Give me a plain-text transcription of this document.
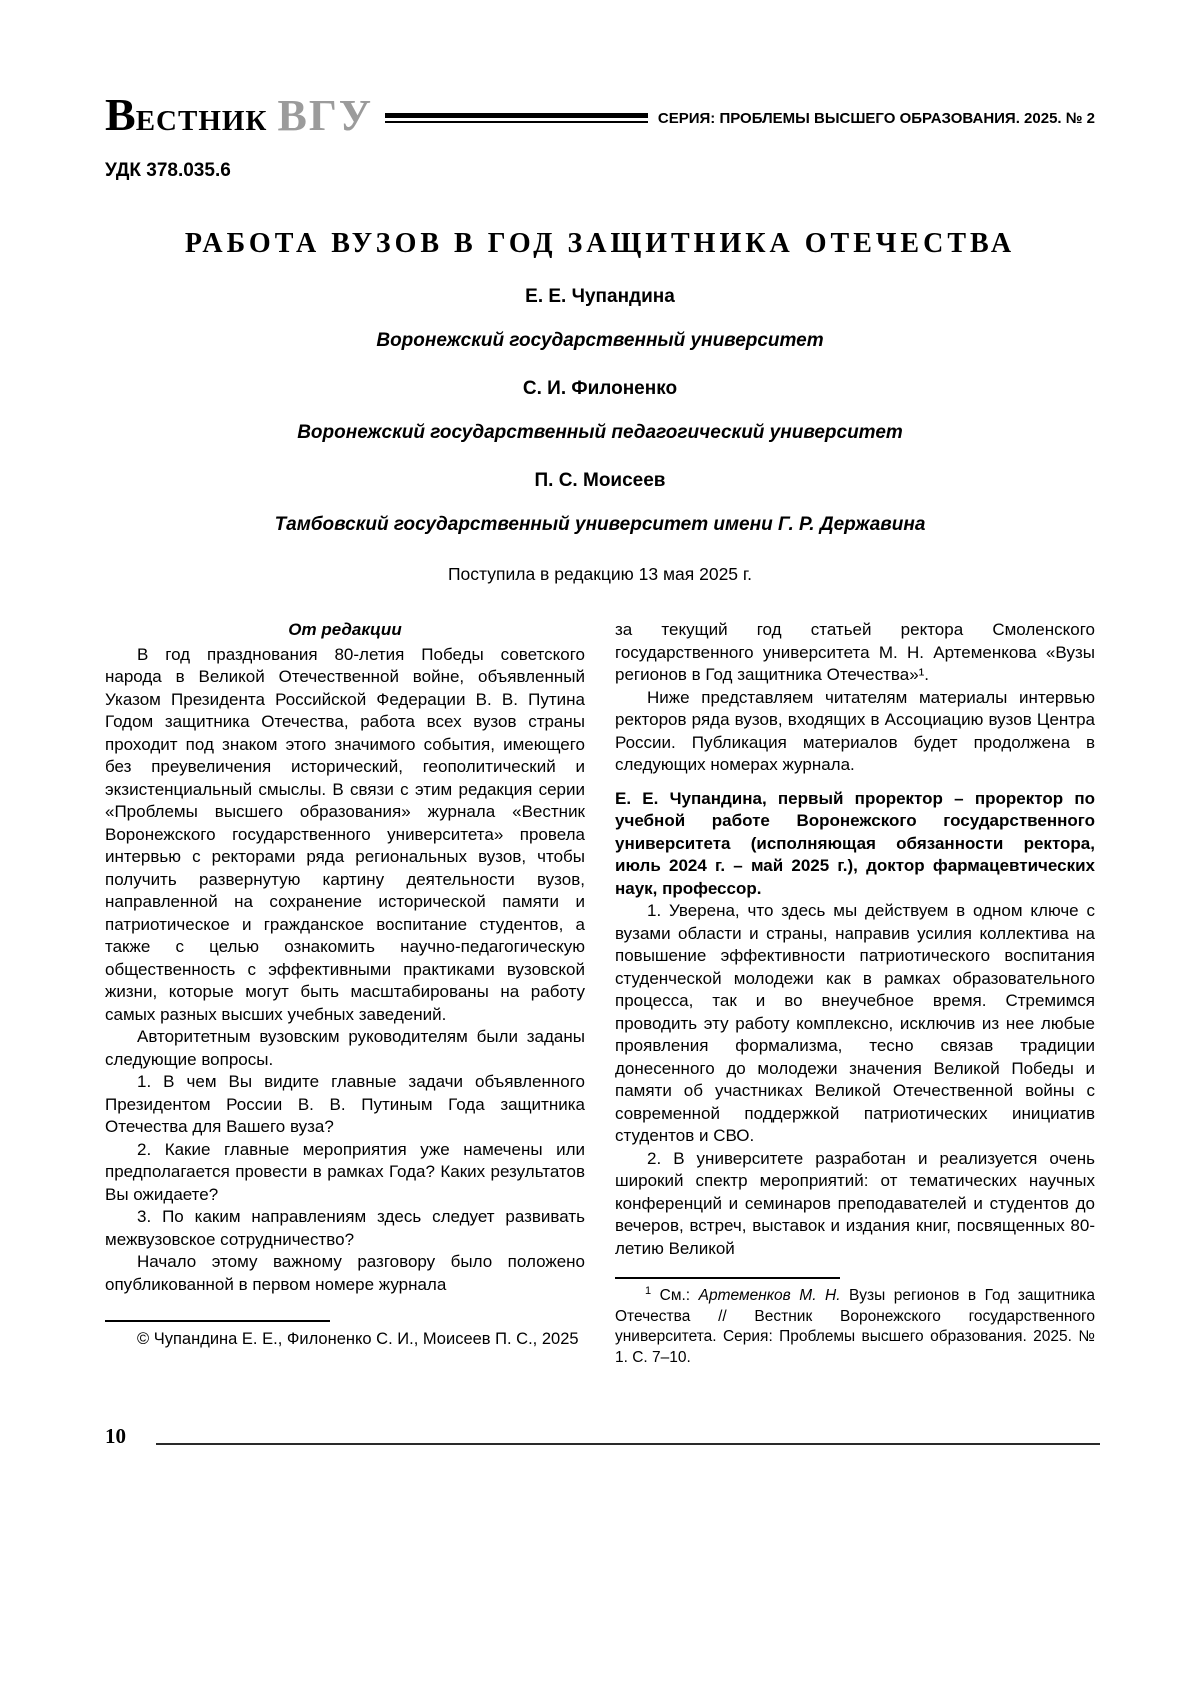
ВЕСТНИК ВГУ	СЕРИЯ: ПРОБЛЕМЫ ВЫСШЕГО ОБРАЗОВАНИЯ. 2025. № 2
УДК 378.035.6
РАБОТА ВУЗОВ В ГОД ЗАЩИТНИКА ОТЕЧЕСТВА
Е. Е. Чупандина
Воронежский государственный университет
С. И. Филоненко
Воронежский государственный педагогический университет
П. С. Моисеев
Тамбовский государственный университет имени Г. Р. Державина
Поступила в редакцию 13 мая 2025 г.
От редакции

В год празднования 80-летия Победы советского народа в Великой Отечественной войне, объявленный Указом Президента Российской Федерации В. В. Путина Годом защитника Отечества, работа всех вузов страны проходит под знаком этого значимого события, имеющего без преувеличения исторический, геополитический и экзистенциальный смыслы. В связи с этим редакция серии «Проблемы высшего образования» журнала «Вестник Воронежского государственного университета» провела интервью с ректорами ряда региональных вузов, чтобы получить развернутую картину деятельности вузов, направленной на сохранение исторической памяти и патриотическое и гражданское воспитание студентов, а также с целью ознакомить научно-педагогическую общественность с эффективными практиками вузовской жизни, которые могут быть масштабированы на работу самых разных высших учебных заведений.

Авторитетным вузовским руководителям были заданы следующие вопросы.

1. В чем Вы видите главные задачи объявленного Президентом России В. В. Путиным Года защитника Отечества для Вашего вуза?

2. Какие главные мероприятия уже намечены или предполагается провести в рамках Года? Каких результатов Вы ожидаете?

3. По каким направлениям здесь следует развивать межвузовское сотрудничество?

Начало этому важному разговору было положено опубликованной в первом номере журнала

© Чупандина Е. Е., Филоненко С. И., Моисеев П. С., 2025

за текущий год статьей ректора Смоленского государственного университета М. Н. Артеменкова «Вузы регионов в Год защитника Отечества»¹.

Ниже представляем читателям материалы интервью ректоров ряда вузов, входящих в Ассоциацию вузов Центра России. Публикация материалов будет продолжена в следующих номерах журнала.

Е. Е. Чупандина, первый проректор – проректор по учебной работе Воронежского государственного университета (исполняющая обязанности ректора, июль 2024 г. – май 2025 г.), доктор фармацевтических наук, профессор.

1. Уверена, что здесь мы действуем в одном ключе с вузами области и страны, направив усилия коллектива на повышение эффективности патриотического воспитания студенческой молодежи как в рамках образовательного процесса, так и во внеучебное время. Стремимся проводить эту работу комплексно, исключив из нее любые проявления формализма, тесно связав традиции донесенного до молодежи значения Великой Победы и памяти об участниках Великой Отечественной войны с современной поддержкой патриотических инициатив студентов и СВО.

2. В университете разработан и реализуется очень широкий спектр мероприятий: от тематических научных конференций и семинаров преподавателей и студентов до вечеров, встреч, выставок и издания книг, посвященных 80-летию Великой

$^1$ См.: Артеменков М. Н. Вузы регионов в Год защитника Отечества // Вестник Воронежского государственного университета. Серия: Проблемы высшего образования. 2025. № 1. С. 7–10.

10
